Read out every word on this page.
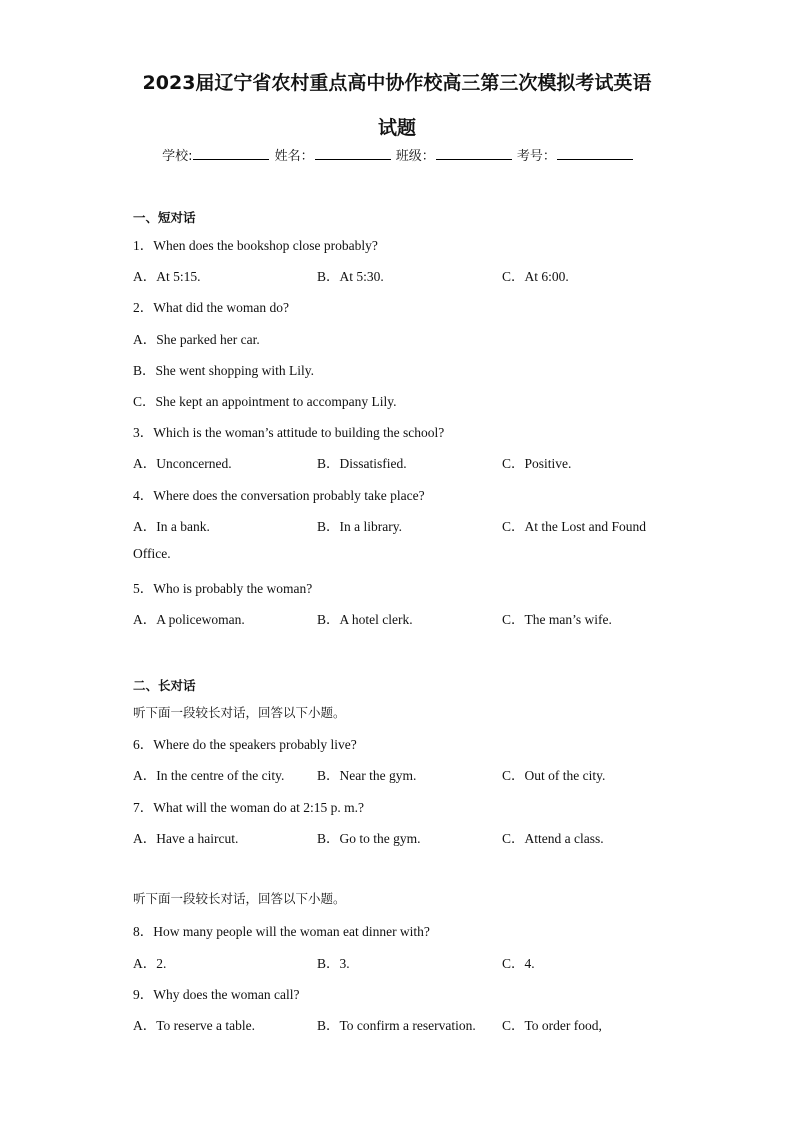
2023届辽宁省农村重点高中协作校高三第三次模拟考试英语
试题
学校:	姓名：	班级：	考号：
一、短对话
1．When does the bookshop close probably?
A．At 5:15.	B．At 5:30.	C．At 6:00.
2．What did the woman do?
A．She parked her car.
B．She went shopping with Lily.
C．She kept an appointment to accompany Lily.
3．Which is the woman’s attitude to building the school?
A．Unconcerned.	B．Dissatisfied.	C．Positive.
4．Where does the conversation probably take place?
A．In a bank.	B．In a library.	C．At the Lost and Found
Office.
5．Who is probably the woman?
A．A policewoman.	B．A hotel clerk.	C．The man’s wife.
二、长对话
听下面一段较长对话，回答以下小题。
6．Where do the speakers probably live?
A．In the centre of the city. B．Near the gym.	C．Out of the city.
7．What will the woman do at 2:15 p. m.?
A．Have a haircut.	B．Go to the gym.	C．Attend a class.
听下面一段较长对话，回答以下小题。
8．How many people will the woman eat dinner with?
A．2.	B．3.	C．4.
9．Why does the woman call?
A．To reserve a table.	B．To confirm a reservation. C．To order food,
